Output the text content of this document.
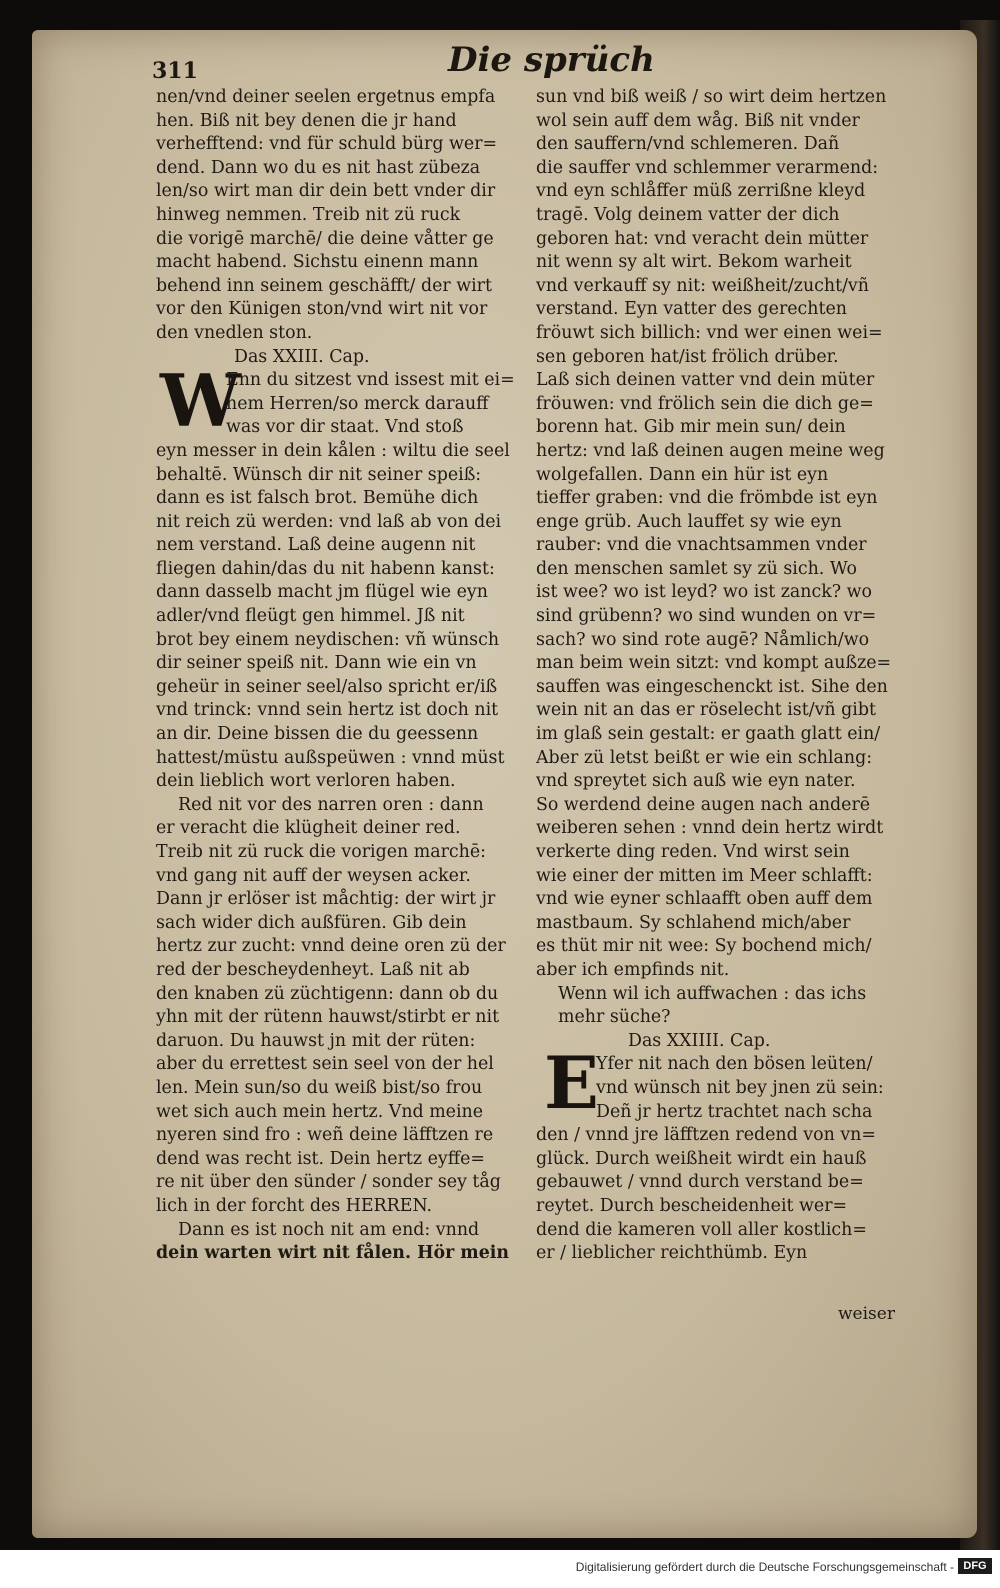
311	Die sprüch
nen/vnd deiner seelen ergetnus empfa
hen. Biß nit bey denen die jr hand
verhefftend: vnd für schuld bürg wer=
dend. Dann wo du es nit hast zübeza
len/so wirt man dir dein bett vnder dir
hinweg nemmen. Treib nit zü ruck
die vorigē marchē/ die deine våtter ge
macht habend. Sichstu einenn mann
behend inn seinem geschäfft/ der wirt
vor den Künigen ston/vnd wirt nit vor
den vnedlen ston.
Das XXIII. Cap.
W
Enn du sitzest vnd issest mit ei=
nem Herren/so merck darauff
was vor dir staat. Vnd stoß
eyn messer in dein kålen : wiltu die seel
behaltē. Wünsch dir nit seiner speiß:
dann es ist falsch brot. Bemühe dich
nit reich zü werden: vnd laß ab von dei
nem verstand. Laß deine augenn nit
fliegen dahin/das du nit habenn kanst:
dann dasselb macht jm flügel wie eyn
adler/vnd fleügt gen himmel. Jß nit
brot bey einem neydischen: vñ wünsch
dir seiner speiß nit. Dann wie ein vn
geheür in seiner seel/also spricht er/iß
vnd trinck: vnnd sein hertz ist doch nit
an dir. Deine bissen die du geessenn
hattest/müstu außspeüwen : vnnd müst
dein lieblich wort verloren haben.
Red nit vor des narren oren : dann
er veracht die klügheit deiner red.
Treib nit zü ruck die vorigen marchē:
vnd gang nit auff der weysen acker.
Dann jr erlöser ist måchtig: der wirt jr
sach wider dich außfüren. Gib dein
hertz zur zucht: vnnd deine oren zü der
red der bescheydenheyt. Laß nit ab
den knaben zü züchtigenn: dann ob du
yhn mit der rütenn hauwst/stirbt er nit
daruon. Du hauwst jn mit der rüten:
aber du errettest sein seel von der hel
len. Mein sun/so du weiß bist/so frou
wet sich auch mein hertz. Vnd meine
nyeren sind fro : weñ deine läfftzen re
dend was recht ist. Dein hertz eyffe=
re nit über den sünder / sonder sey tåg
lich in der forcht des HERREN.
Dann es ist noch nit am end: vnnd
dein warten wirt nit fålen. Hör mein
sun vnd biß weiß / so wirt deim hertzen
wol sein auff dem wåg. Biß nit vnder
den sauffern/vnd schlemeren. Dañ
die sauffer vnd schlemmer verarmend:
vnd eyn schlåffer müß zerrißne kleyd
tragē. Volg deinem vatter der dich
geboren hat: vnd veracht dein mütter
nit wenn sy alt wirt. Bekom warheit
vnd verkauff sy nit: weißheit/zucht/vñ
verstand. Eyn vatter des gerechten
fröuwt sich billich: vnd wer einen wei=
sen geboren hat/ist frölich drüber.
Laß sich deinen vatter vnd dein müter
fröuwen: vnd frölich sein die dich ge=
borenn hat. Gib mir mein sun/ dein
hertz: vnd laß deinen augen meine weg
wolgefallen. Dann ein hür ist eyn
tieffer graben: vnd die frömbde ist eyn
enge grüb. Auch lauffet sy wie eyn
rauber: vnd die vnachtsammen vnder
den menschen samlet sy zü sich. Wo
ist wee? wo ist leyd? wo ist zanck? wo
sind grübenn? wo sind wunden on vr=
sach? wo sind rote augē? Nåmlich/wo
man beim wein sitzt: vnd kompt außze=
sauffen was eingeschenckt ist. Sihe den
wein nit an das er röselecht ist/vñ gibt
im glaß sein gestalt: er gaath glatt ein/
Aber zü letst beißt er wie ein schlang:
vnd spreytet sich auß wie eyn nater.
So werdend deine augen nach anderē
weiberen sehen : vnnd dein hertz wirdt
verkerte ding reden. Vnd wirst sein
wie einer der mitten im Meer schlafft:
vnd wie eyner schlaafft oben auff dem
mastbaum. Sy schlahend mich/aber
es thüt mir nit wee: Sy bochend mich/
aber ich empfinds nit.
Wenn wil ich auffwachen : das ichs
mehr süche?
Das XXIIII. Cap.
E
Yfer nit nach den bösen leüten/
vnd wünsch nit bey jnen zü sein:
Deñ jr hertz trachtet nach scha
den / vnnd jre läfftzen redend von vn=
glück. Durch weißheit wirdt ein hauß
gebauwet / vnnd durch verstand be=
reytet. Durch bescheidenheit wer=
dend die kameren voll aller kostlich=
er / lieblicher reichthümb. Eyn
weiser
Digitalisierung gefördert durch die Deutsche Forschungsgemeinschaft - DFG
